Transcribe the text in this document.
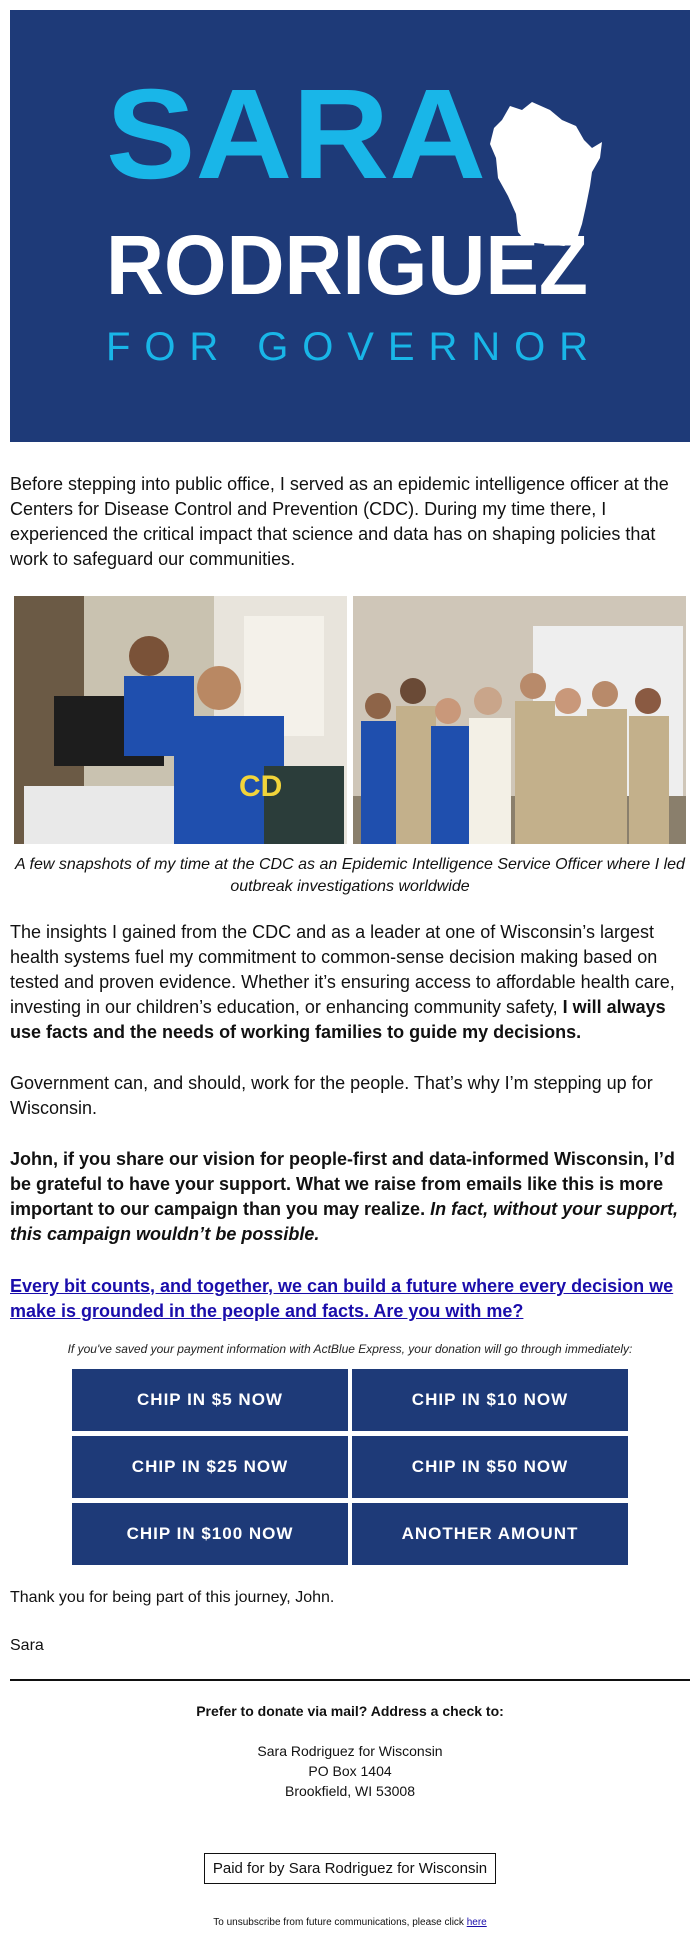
SARA
RODRIGUEZ
FOR GOVERNOR

Before stepping into public office, I served as an epidemic intelligence officer at the Centers for Disease Control and Prevention (CDC). During my time there, I experienced the critical impact that science and data has on shaping policies that work to safeguard our communities.

CD
A few snapshots of my time at the CDC as an Epidemic Intelligence Service Officer where I led outbreak investigations worldwide

The insights I gained from the CDC and as a leader at one of Wisconsin’s largest health systems fuel my commitment to common-sense decision making based on tested and proven evidence. Whether it’s ensuring access to affordable health care, investing in our children’s education, or enhancing community safety, I will always use facts and the needs of working families to guide my decisions.

Government can, and should, work for the people. That’s why I’m stepping up for Wisconsin.

John, if you share our vision for people-first and data-informed Wisconsin, I’d be grateful to have your support. What we raise from emails like this is more important to our campaign than you may realize. In fact, without your support, this campaign wouldn’t be possible.

Every bit counts, and together, we can build a future where every decision we make is grounded in the people and facts. Are you with me?

If you've saved your payment information with ActBlue Express, your donation will go through immediately:
CHIP IN $5 NOW	CHIP IN $10 NOW
CHIP IN $25 NOW	CHIP IN $50 NOW
CHIP IN $100 NOW	ANOTHER AMOUNT

Thank you for being part of this journey, John.

Sara

Prefer to donate via mail? Address a check to:
Sara Rodriguez for Wisconsin
PO Box 1404
Brookfield, WI 53008
Paid for by Sara Rodriguez for Wisconsin
To unsubscribe from future communications, please click here
